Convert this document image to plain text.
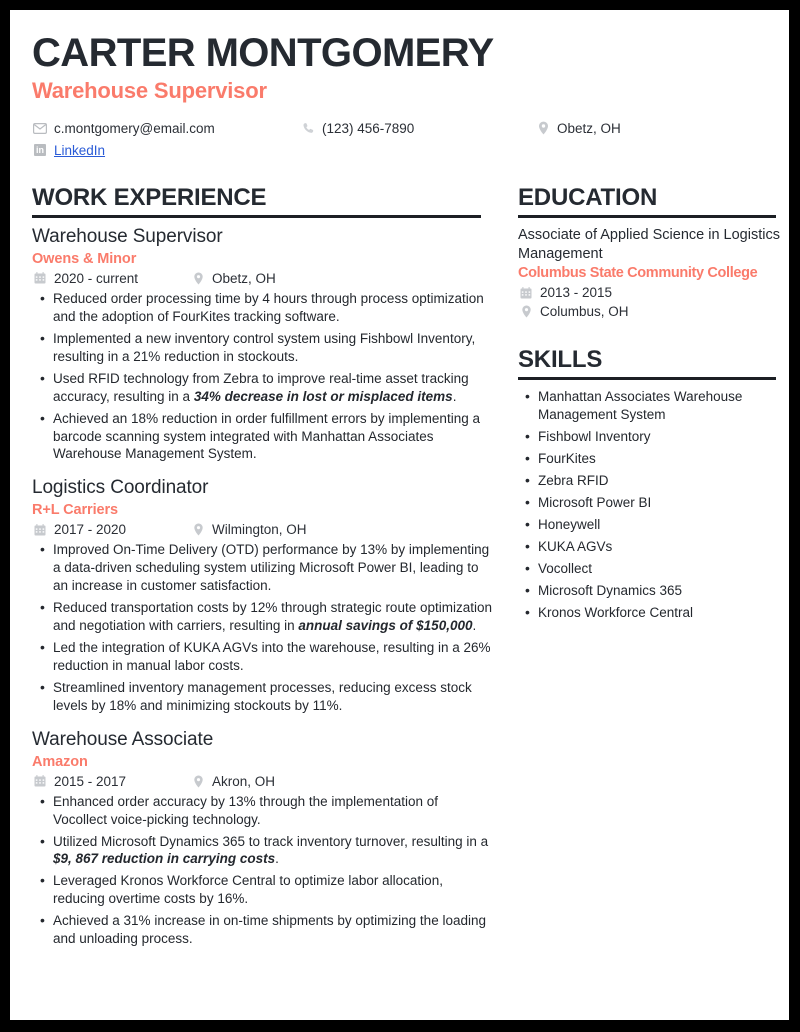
CARTER MONTGOMERY
Warehouse Supervisor
c.montgomery@email.com	(123) 456-7890	Obetz, OH
in LinkedIn
WORK EXPERIENCE
Warehouse Supervisor
Owens & Minor
2020 - current	Obetz, OH
• Reduced order processing time by 4 hours through process optimization and the adoption of FourKites tracking software.
• Implemented a new inventory control system using Fishbowl Inventory, resulting in a 21% reduction in stockouts.
• Used RFID technology from Zebra to improve real-time asset tracking accuracy, resulting in a 34% decrease in lost or misplaced items.
• Achieved an 18% reduction in order fulfillment errors by implementing a barcode scanning system integrated with Manhattan Associates Warehouse Management System.
Logistics Coordinator
R+L Carriers
2017 - 2020	Wilmington, OH
• Improved On-Time Delivery (OTD) performance by 13% by implementing a data-driven scheduling system utilizing Microsoft Power BI, leading to an increase in customer satisfaction.
• Reduced transportation costs by 12% through strategic route optimization and negotiation with carriers, resulting in annual savings of $150,000.
• Led the integration of KUKA AGVs into the warehouse, resulting in a 26% reduction in manual labor costs.
• Streamlined inventory management processes, reducing excess stock levels by 18% and minimizing stockouts by 11%.
Warehouse Associate
Amazon
2015 - 2017	Akron, OH
• Enhanced order accuracy by 13% through the implementation of Vocollect voice-picking technology.
• Utilized Microsoft Dynamics 365 to track inventory turnover, resulting in a $9, 867 reduction in carrying costs.
• Leveraged Kronos Workforce Central to optimize labor allocation, reducing overtime costs by 16%.
• Achieved a 31% increase in on-time shipments by optimizing the loading and unloading process.
EDUCATION
Associate of Applied Science in Logistics Management
Columbus State Community College
2013 - 2015
Columbus, OH
SKILLS
• Manhattan Associates Warehouse Management System
• Fishbowl Inventory
• FourKites
• Zebra RFID
• Microsoft Power BI
• Honeywell
• KUKA AGVs
• Vocollect
• Microsoft Dynamics 365
• Kronos Workforce Central
